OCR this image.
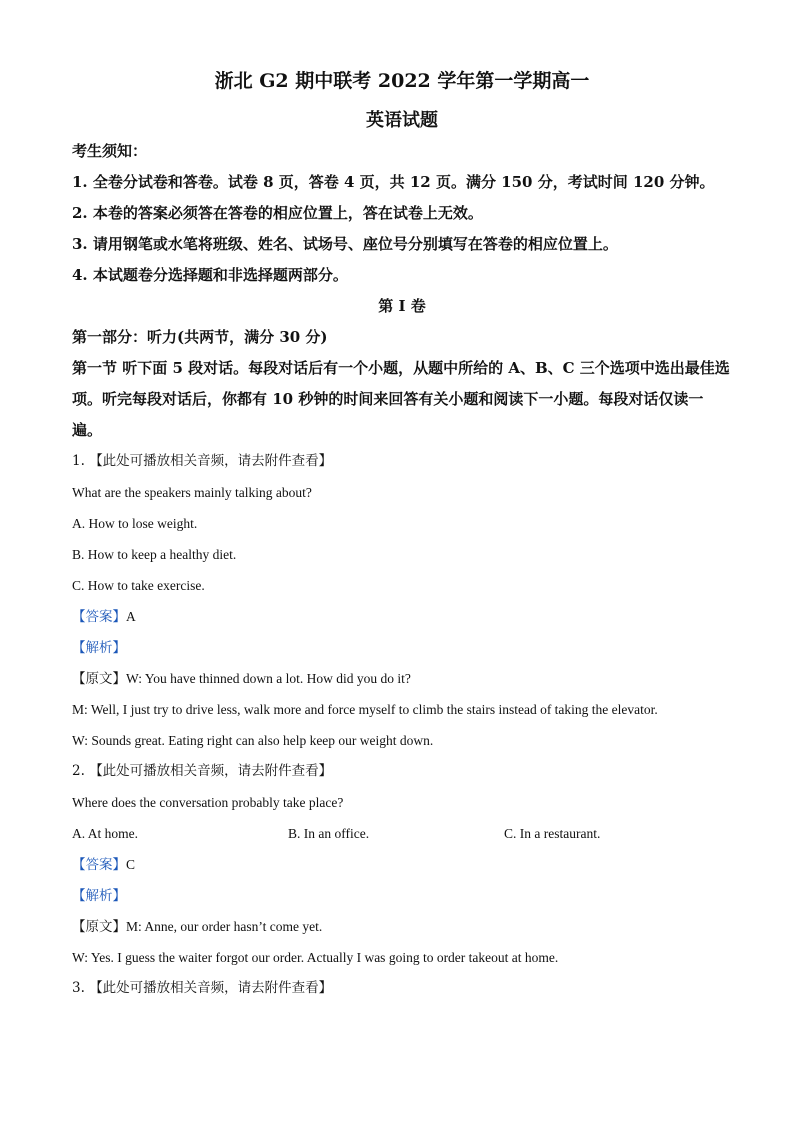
浙北 G2 期中联考 2022 学年第一学期高一
英语试题
考生须知：
1. 全卷分试卷和答卷。试卷 8 页，答卷 4 页，共 12 页。满分 150 分，考试时间 120 分钟。
2. 本卷的答案必须答在答卷的相应位置上，答在试卷上无效。
3. 请用钢笔或水笔将班级、姓名、试场号、座位号分别填写在答卷的相应位置上。
4. 本试题卷分选择题和非选择题两部分。
第 I 卷
第一部分：听力(共两节，满分 30 分)
第一节 听下面 5 段对话。每段对话后有一个小题，从题中所给的 A、B、C 三个选项中选出最佳选项。听完每段对话后，你都有 10 秒钟的时间来回答有关小题和阅读下一小题。每段对话仅读一遍。
1. 【此处可播放相关音频，请去附件查看】
What are the speakers mainly talking about?
A. How to lose weight.
B. How to keep a healthy diet.
C. How to take exercise.
【答案】A
【解析】
【原文】W: You have thinned down a lot. How did you do it?
M: Well, I just try to drive less, walk more and force myself to climb the stairs instead of taking the elevator.
W: Sounds great. Eating right can also help keep our weight down.
2. 【此处可播放相关音频，请去附件查看】
Where does the conversation probably take place?
A. At home.	B. In an office.	C. In a restaurant.
【答案】C
【解析】
【原文】M: Anne, our order hasn’t come yet.
W: Yes. I guess the waiter forgot our order. Actually I was going to order takeout at home.
3. 【此处可播放相关音频，请去附件查看】
